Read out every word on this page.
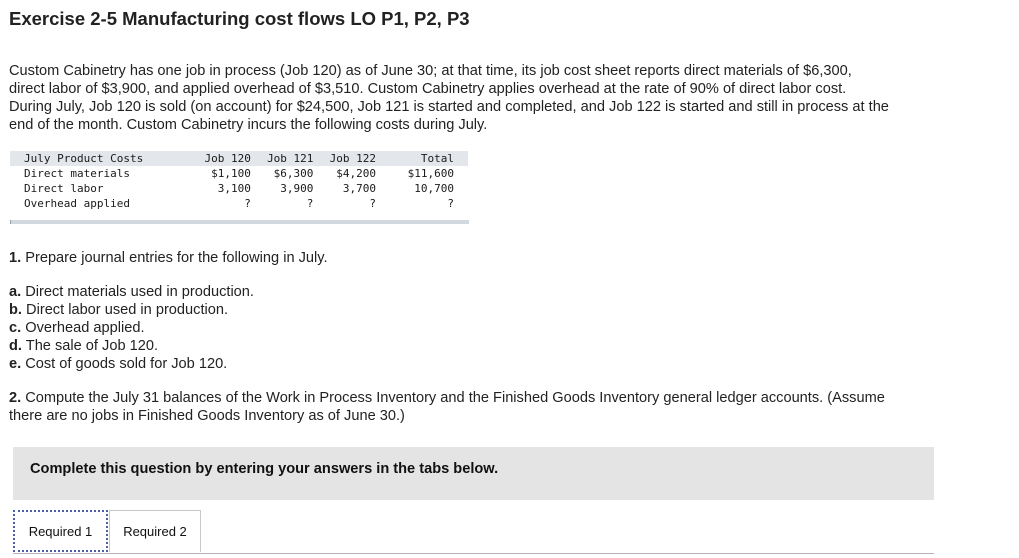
Exercise 2-5 Manufacturing cost flows LO P1, P2, P3
Custom Cabinetry has one job in process (Job 120) as of June 30; at that time, its job cost sheet reports direct materials of $6,300,
direct labor of $3,900, and applied overhead of $3,510. Custom Cabinetry applies overhead at the rate of 90% of direct labor cost.
During July, Job 120 is sold (on account) for $24,500, Job 121 is started and completed, and Job 122 is started and still in process at the
end of the month. Custom Cabinetry incurs the following costs during July.
July Product Costs	Job 120	Job 121	Job 122	Total
Direct materials	$1,100	$6,300	$4,200	$11,600
Direct labor	3,100	3,900	3,700	10,700
Overhead applied	?	?	?	?
1. Prepare journal entries for the following in July.
a. Direct materials used in production.
b. Direct labor used in production.
c. Overhead applied.
d. The sale of Job 120.
e. Cost of goods sold for Job 120.
2. Compute the July 31 balances of the Work in Process Inventory and the Finished Goods Inventory general ledger accounts. (Assume
there are no jobs in Finished Goods Inventory as of June 30.)
Complete this question by entering your answers in the tabs below.
Required 1	Required 2
